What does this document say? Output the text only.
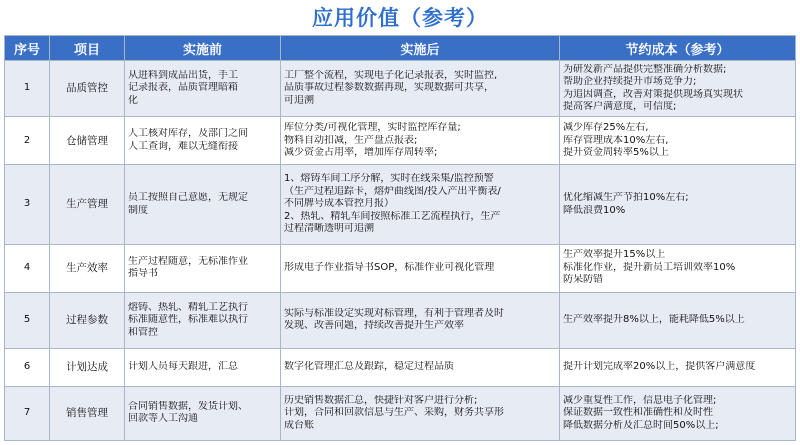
应用价值（参考）
序号	项目	实施前	实施后	节约成本（参考）
1	品质管控	从进料到成品出货，手工
记录报表，品质管理暗箱
化	工厂整个流程，实现电子化记录报表，实时监控,
品质事故过程参数数据再现，实现数据可共享，
可追溯	为研发新产品提供完整准确分析数据;
帮助企业持续提升市场竞争力;
为追因调查，改善对策提供现场真实现状
提高客户满意度，可信度;

2	仓储管理	人工核对库存，及部门之间
人工查询，难以无缝衔接	库位分类/可视化管理，实时监控库存量;
物料自动扣减，生产盘点报表;
减少资金占用率，增加库存周转率;	减少库存25%左右,
库存管理成本10%左右,
提升资金周转率5%以上

3	生产管理	员工按照自己意愿，无规定
制度	1、熔铸车间工序分解，实时在线采集/监控预警
（生产过程追踪卡，熔炉曲线图/投入产出平衡表/
不同牌号成本管控月报）
2、热轧、精轧车间按照标准工艺流程执行，生产
过程清晰透明可追溯	优化缩减生产节拍10%左右;
降低浪费10%

4	生产效率	生产过程随意，无标准作业
指导书	形成电子作业指导书SOP，标准作业可视化管理	生产效率提升15%以上
标准化作业，提升新员工培训效率10%
防呆防错

5	过程参数	熔铸、热轧、精轧工艺执行
标准随意性，标准难以执行
和管控	实际与标准设定实现对标管理，有利于管理者及时
发现、改善问题，持续改善提升生产效率	生产效率提升8%以上，能耗降低5%以上

6	计划达成	计划人员每天跟进，汇总	数字化管理汇总及跟踪，稳定过程品质	提升计划完成率20%以上，提供客户满意度

7	销售管理	合同销售数据，发货计划、
回款等人工沟通	历史销售数据汇总，快捷针对客户进行分析;
计划，合同和回款信息与生产、采购，财务共享形
成台账	减少重复性工作，信息电子化管理;
保证数据一致性和准确性和及时性
降低数据分析及汇总时间50%以上;
